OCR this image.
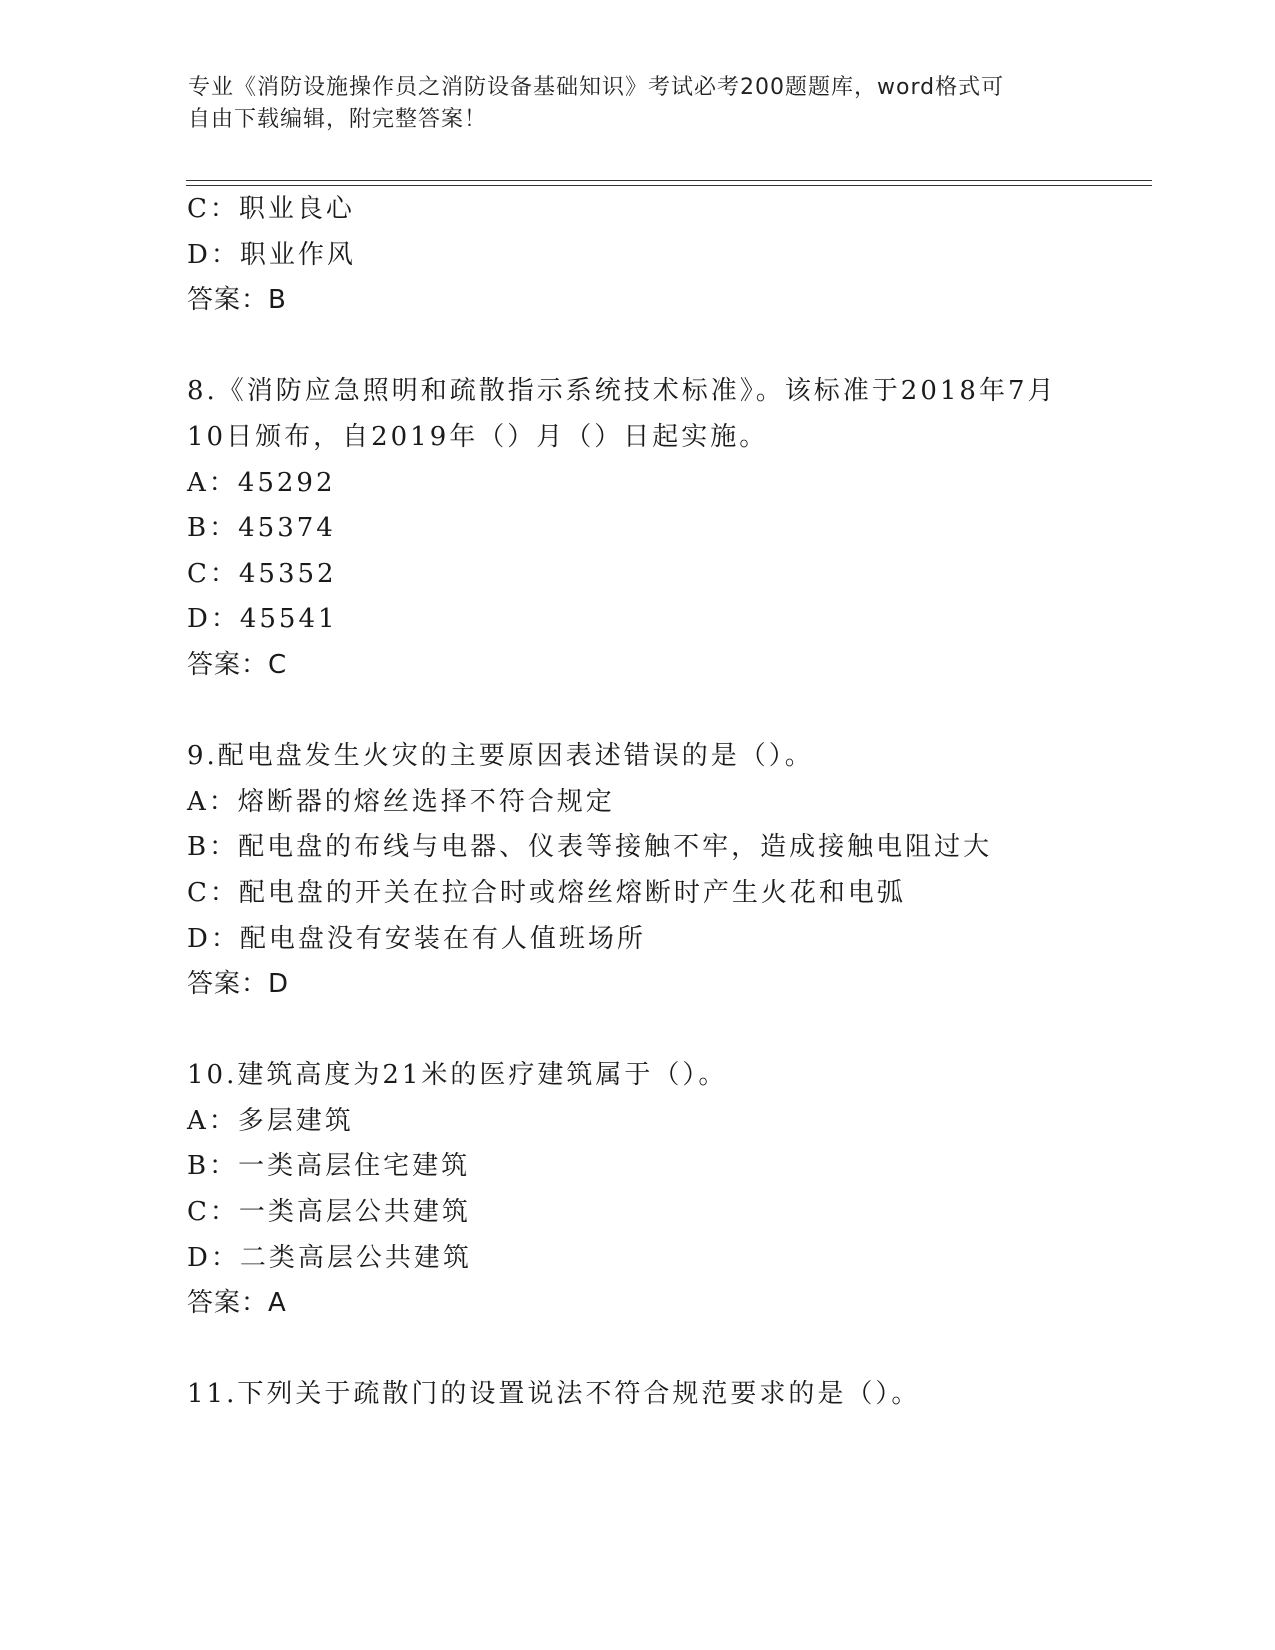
专业《消防设施操作员之消防设备基础知识》考试必考200题题库，word格式可
自由下载编辑，附完整答案！
C：职业良心
D：职业作风
答案：B
8.《消防应急照明和疏散指示系统技术标准》。该标准于2018年7月
10日颁布，自2019年（）月（）日起实施。
A：45292
B：45374
C：45352
D：45541
答案：C
9.配电盘发生火灾的主要原因表述错误的是（）。
A：熔断器的熔丝选择不符合规定
B：配电盘的布线与电器、仪表等接触不牢，造成接触电阻过大
C：配电盘的开关在拉合时或熔丝熔断时产生火花和电弧
D：配电盘没有安装在有人值班场所
答案：D
10.建筑高度为21米的医疗建筑属于（）。
A：多层建筑
B：一类高层住宅建筑
C：一类高层公共建筑
D：二类高层公共建筑
答案：A
11.下列关于疏散门的设置说法不符合规范要求的是（）。
